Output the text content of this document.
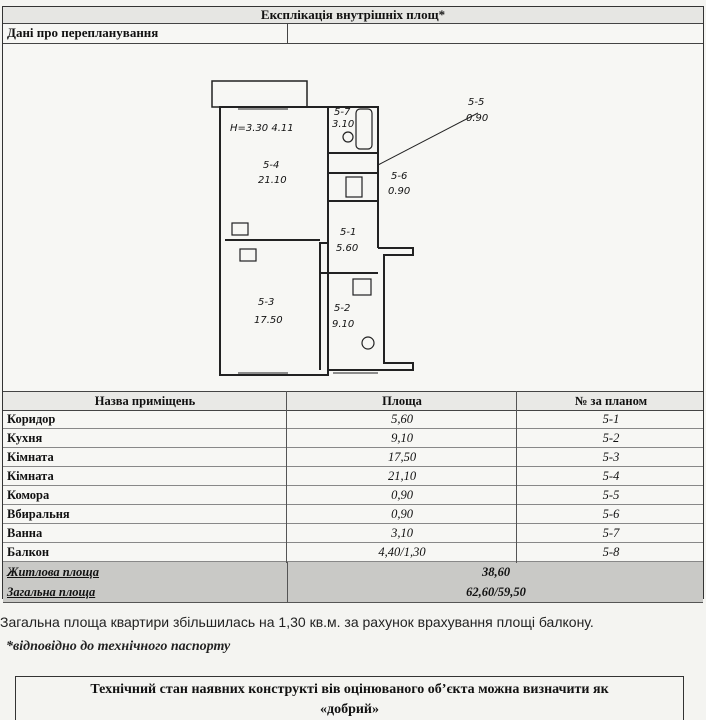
Експлікація внутрішніх площ*
Дані про перепланування
H=3.30 4.11
5-4
21.10
5-3
17.50
5-2
9.10
5-1
5.60
5-7
3.10
5-6
0.90
5-5
0.90
Назва приміщень	Площа	№ за планом
Коридор	5,60	5-1
Кухня	9,10	5-2
Кімната	17,50	5-3
Кімната	21,10	5-4
Комора	0,90	5-5
Вбиральня	0,90	5-6
Ванна	3,10	5-7
Балкон	4,40/1,30	5-8
Житлова площа	38,60
Загальна площа	62,60/59,50
Загальна площа квартири збільшилась на 1,30 кв.м. за рахунок врахування площі балкону.
*відповідно до технічного паспорту
Технічний стан наявних конструкті вів оцінюваного об’єкта можна визначити як
«добрий»
